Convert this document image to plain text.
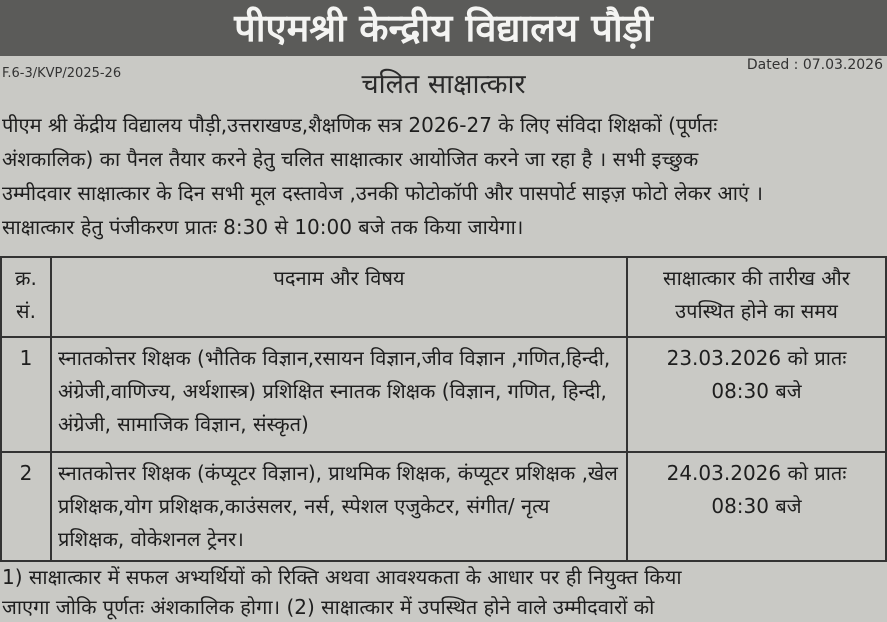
पीएमश्री केन्द्रीय विद्यालय पौड़ी
Dated : 07.03.2026
F.6-3/KVP/2025-26	चलित साक्षात्कार
पीएम श्री केंद्रीय विद्यालय पौड़ी,उत्तराखण्ड,शैक्षणिक सत्र 2026-27 के लिए संविदा शिक्षकों (पूर्णतः
अंशकालिक) का पैनल तैयार करने हेतु चलित साक्षात्कार आयोजित करने जा रहा है । सभी इच्छुक
उम्मीदवार साक्षात्कार के दिन सभी मूल दस्तावेज ,उनकी फोटोकॉपी और पासपोर्ट साइज़ फोटो लेकर आएं ।
साक्षात्कार हेतु पंजीकरण प्रातः 8:30 से 10:00 बजे तक किया जायेगा।
क्र. सं.	पदनाम और विषय	साक्षात्कार की तारीख और उपस्थित होने का समय
1	स्नातकोत्तर शिक्षक (भौतिक विज्ञान,रसायन विज्ञान,जीव विज्ञान ,गणित,हिन्दी, अंग्रेजी,वाणिज्य, अर्थशास्त्र) प्रशिक्षित स्नातक शिक्षक (विज्ञान, गणित, हिन्दी, अंग्रेजी, सामाजिक विज्ञान, संस्कृत)	23.03.2026 को प्रातः
08:30 बजे

2	स्नातकोत्तर शिक्षक (कंप्यूटर विज्ञान), प्राथमिक शिक्षक, कंप्यूटर प्रशिक्षक ,खेल प्रशिक्षक,योग प्रशिक्षक,काउंसलर, नर्स, स्पेशल एजुकेटर, संगीत/ नृत्य प्रशिक्षक, वोकेशनल ट्रेनर।	24.03.2026 को प्रातः
08:30 बजे
1) साक्षात्कार में सफल अभ्यर्थियों को रिक्ति अथवा आवश्यकता के आधार पर ही नियुक्त किया
जाएगा जोकि पूर्णतः अंशकालिक होगा। (2) साक्षात्कार में उपस्थित होने वाले उम्मीदवारों को
